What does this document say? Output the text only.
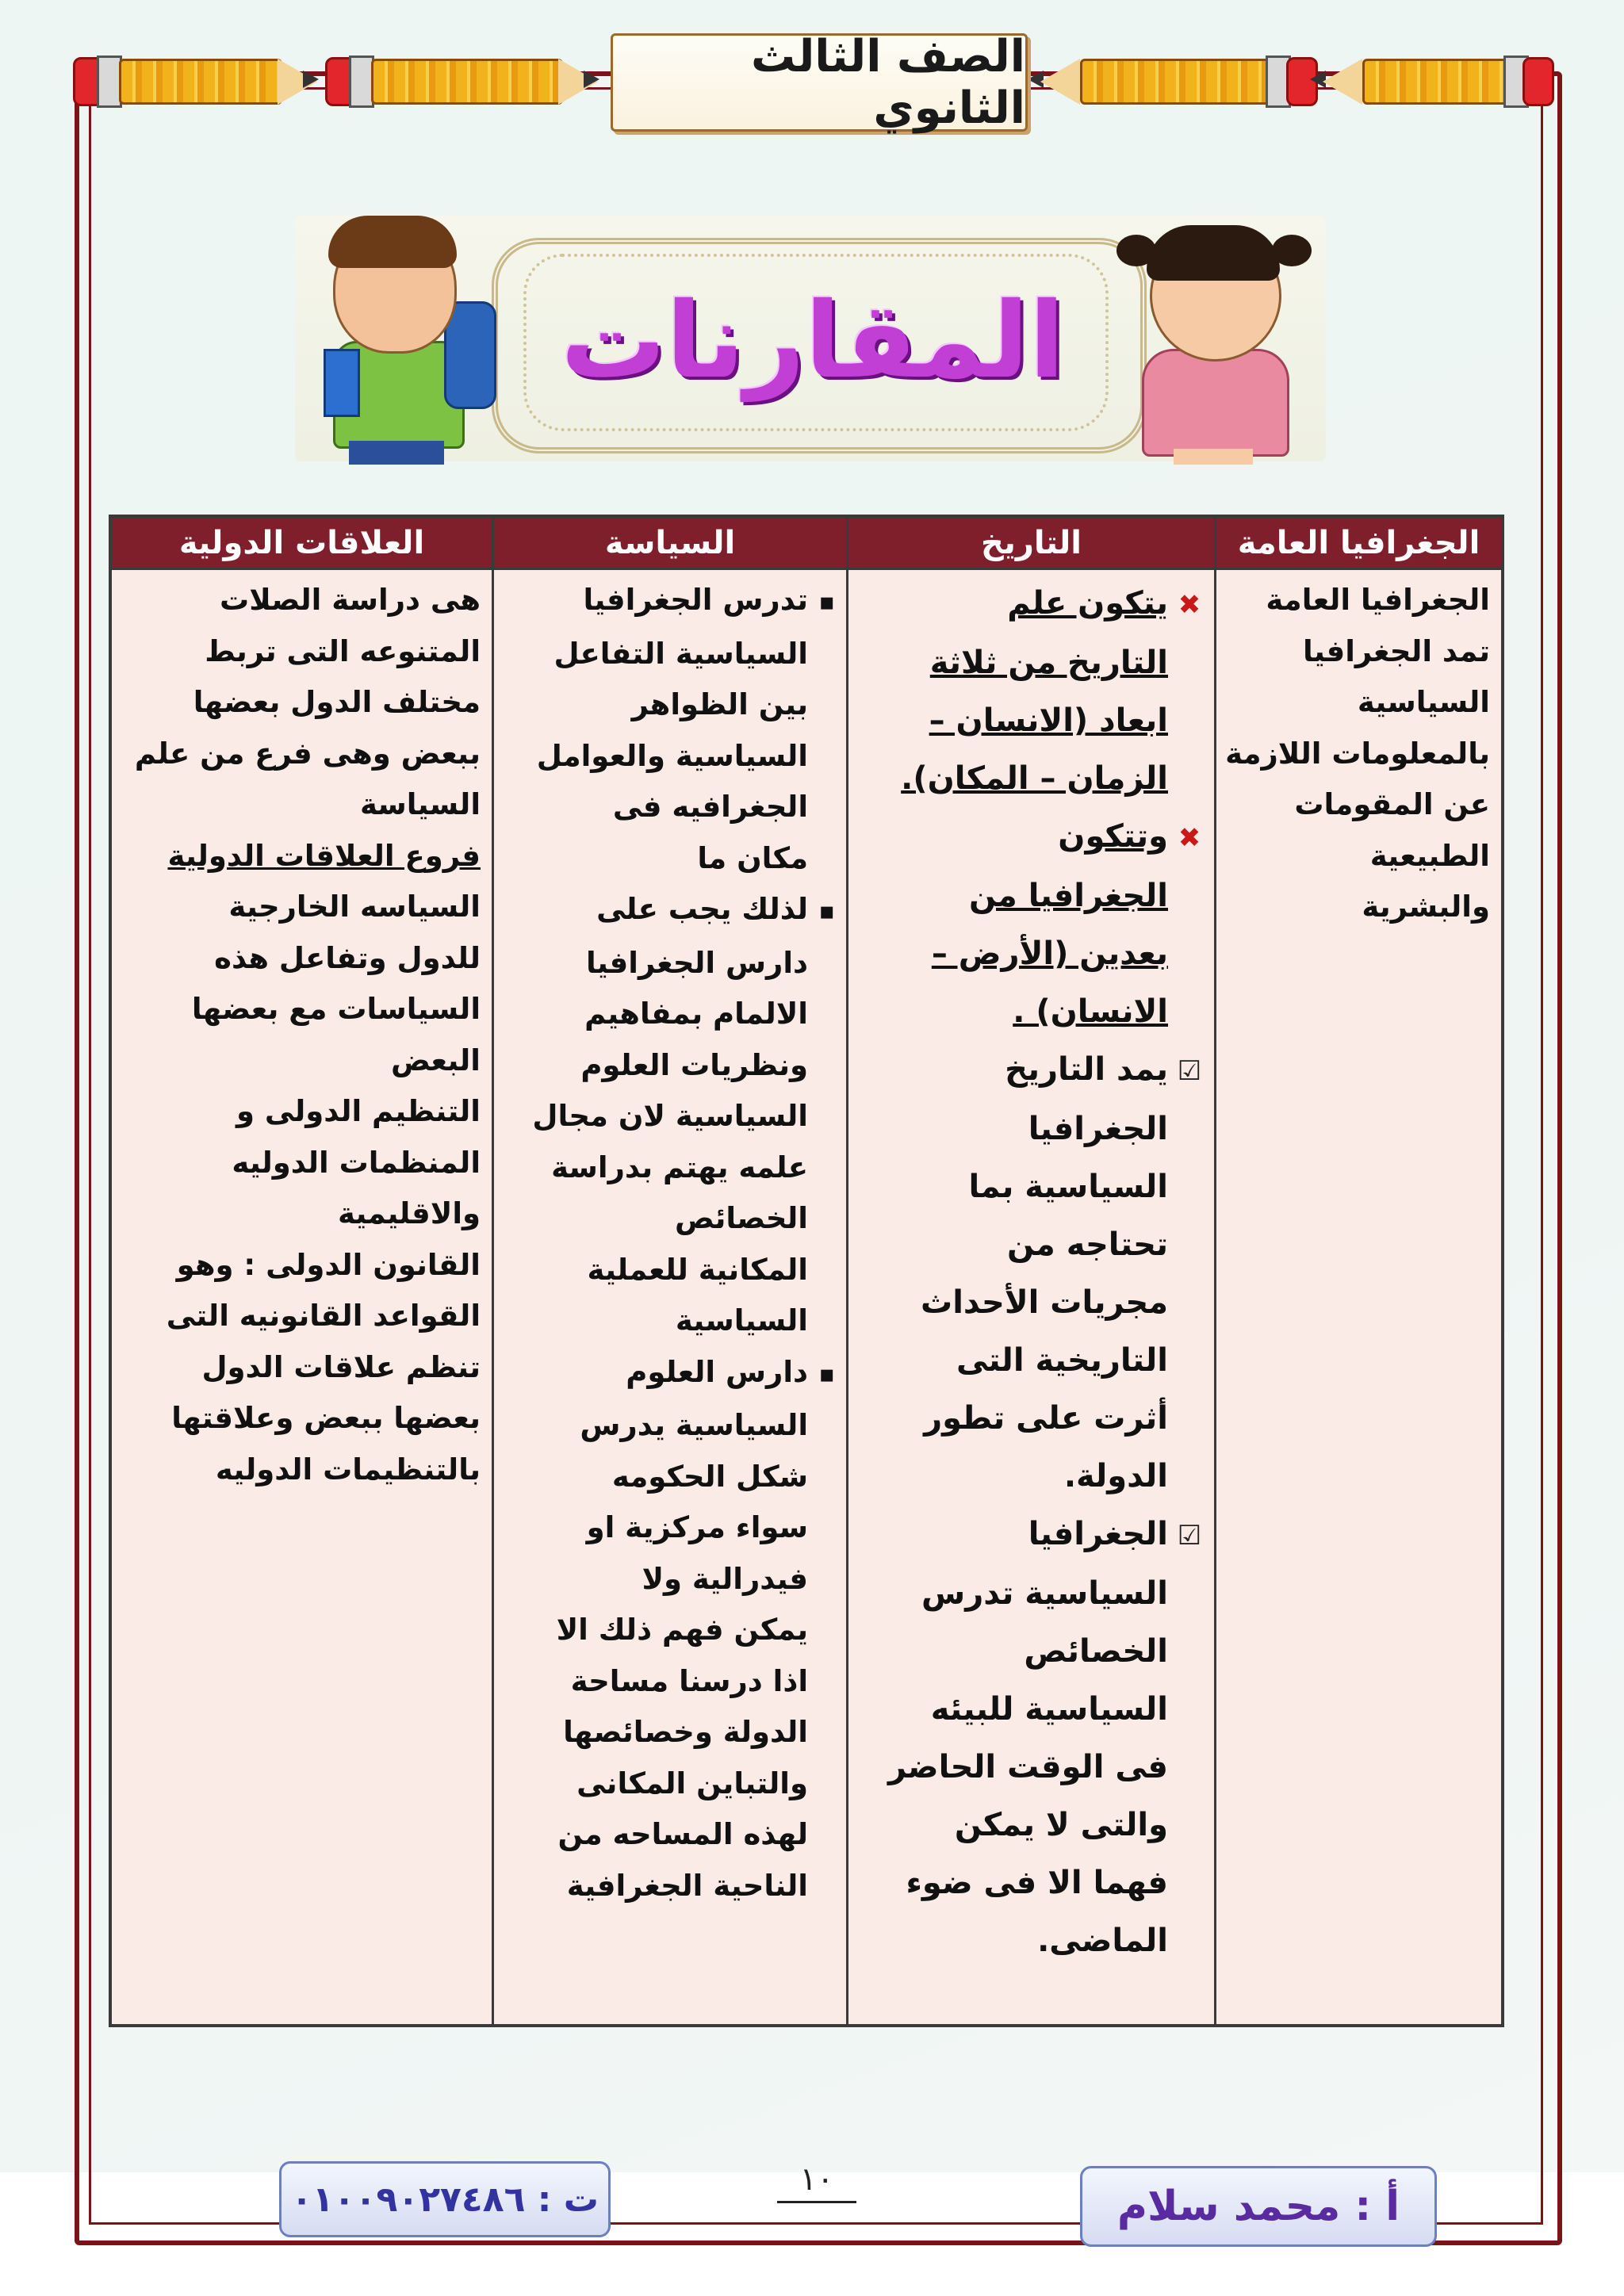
الصف الثالث الثانوي
المقارنات
العلاقات الدولية
هى دراسة الصلات
المتنوعه التى تربط
مختلف الدول بعضها
ببعض وهى فرع من علم
السياسة
فروع العلاقات الدولية
السياسه الخارجية
للدول وتفاعل هذه
السياسات مع بعضها
البعض
التنظيم الدولى و
المنظمات الدوليه
والاقليمية
القانون الدولى : وهو
القواعد القانونيه التى
تنظم علاقات الدول
بعضها ببعض وعلاقتها
بالتنظيمات الدوليه
السياسة
▪تدرس الجغرافيا
السياسية التفاعل
بين الظواهر
السياسية والعوامل
الجغرافيه فى
مكان ما
▪لذلك يجب على
دارس الجغرافيا
الالمام بمفاهيم
ونظريات العلوم
السياسية لان مجال
علمه يهتم بدراسة
الخصائص
المكانية للعملية
السياسية
▪دارس العلوم
السياسية يدرس
شكل الحكومه
سواء مركزية او
فيدرالية ولا
يمكن فهم ذلك الا
اذا درسنا مساحة
الدولة وخصائصها
والتباين المكانى
لهذه المساحه من
الناحية الجغرافية
التاريخ
✖يتكون علم
التاريخ من ثلاثة
ابعاد (الانسان –
الزمان – المكان).
✖وتتكون
الجغرافيا من
بعدين (الأرض –
الانسان) .
☑يمد التاريخ
الجغرافيا
السياسية بما
تحتاجه من
مجريات الأحداث
التاريخية التى
أثرت على تطور
الدولة.
☑الجغرافيا
السياسية تدرس
الخصائص
السياسية للبيئه
فى الوقت الحاضر
والتى لا يمكن
فهما الا فى ضوء
الماضى.
الجغرافيا العامة
الجغرافيا العامة
تمد الجغرافيا
السياسية
بالمعلومات اللازمة
عن المقومات
الطبيعية
والبشرية
ت : ٠١٠٠٩٠٢٧٤٨٦	١٠
أ : محمد سلام
